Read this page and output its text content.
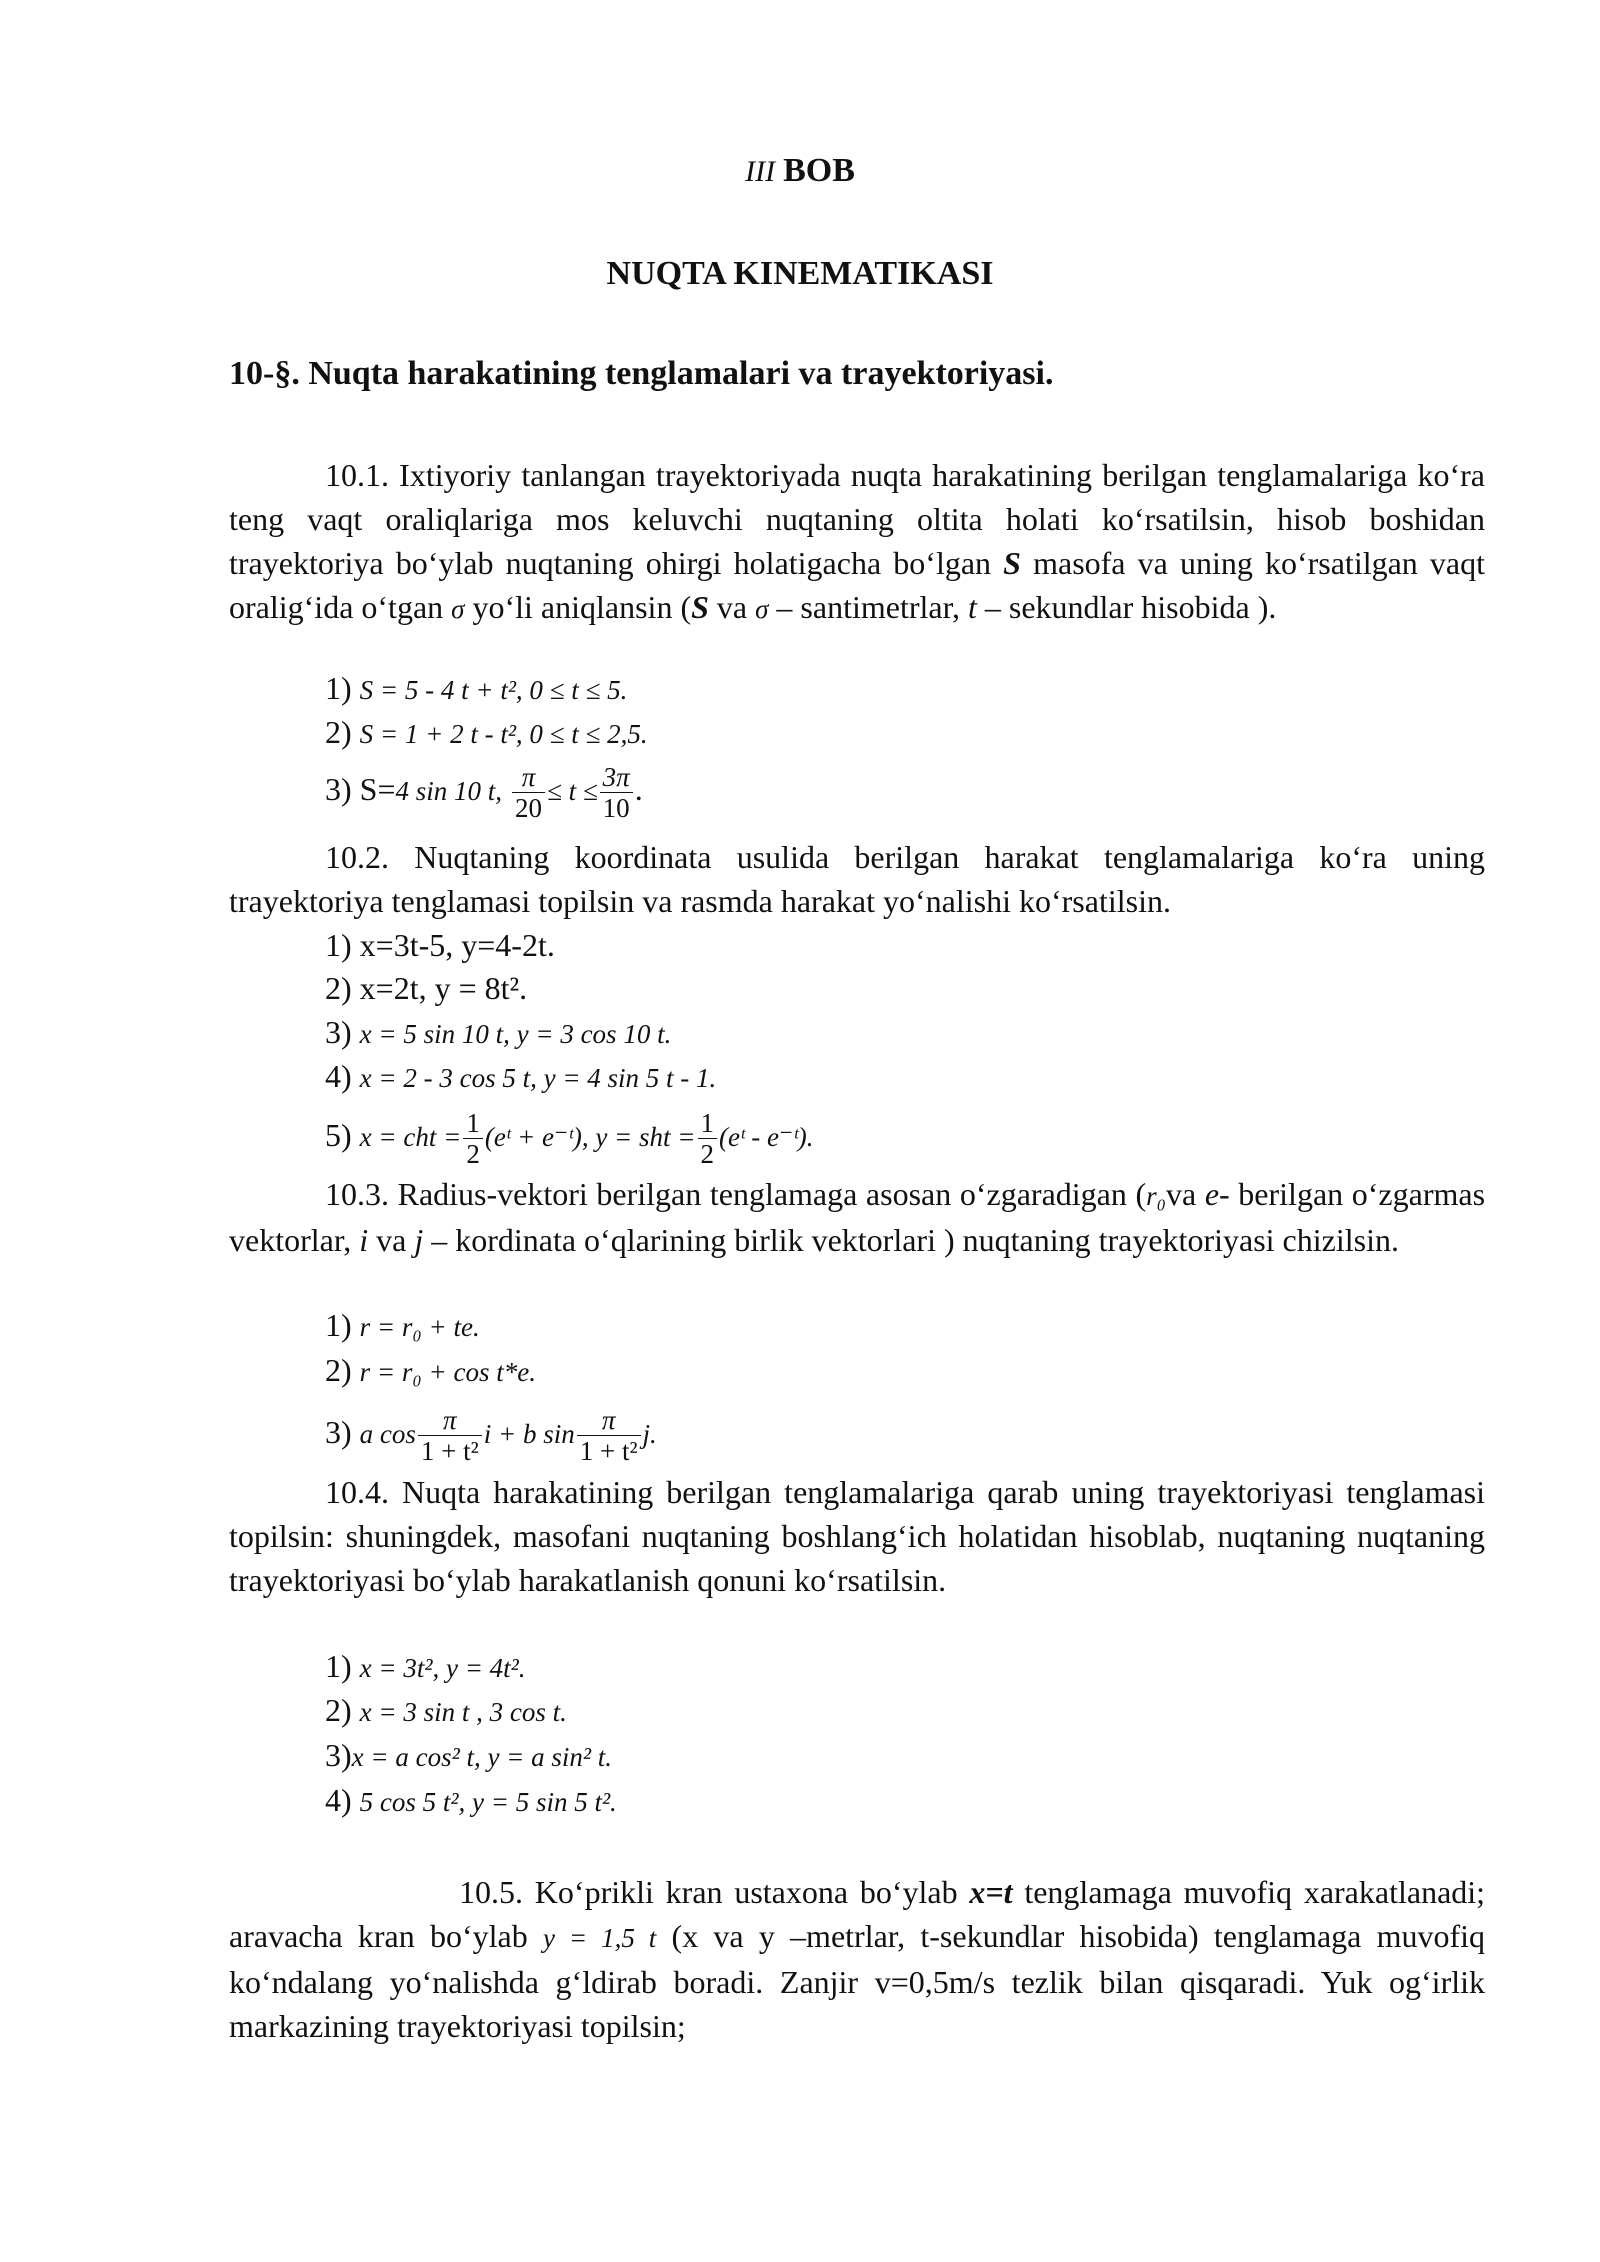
III BOB
NUQTA KINEMATIKASI
10-§. Nuqta harakatining tenglamalari va trayektoriyasi.

10.1. Ixtiyoriy tanlangan trayektoriyada nuqta harakatining berilgan tenglamalariga ko‘ra teng vaqt oraliqlariga mos keluvchi nuqtaning oltita holati ko‘rsatilsin, hisob boshidan trayektoriya bo‘ylab nuqtaning ohirgi holatigacha bo‘lgan S masofa va uning ko‘rsatilgan vaqt oralig‘ida o‘tgan σ yo‘li aniqlansin (S va σ – santimetrlar, t – sekundlar hisobida ).

1) S = 5 - 4 t + t², 0 ≤ t ≤ 5.
2) S = 1 + 2 t - t², 0 ≤ t ≤ 2,5.
3) S=4 sin 10 t, $\frac{\pi}{20} \le t \le \frac{3\pi}{10}$ .

10.2. Nuqtaning koordinata usulida berilgan harakat tenglamalariga ko‘ra uning trayektoriya tenglamasi topilsin va rasmda harakat yo‘nalishi ko‘rsatilsin.

1) x=3t-5, y=4-2t.
2) x=2t, y = 8t².
3) x = 5 sin 10 t, y = 3 cos 10 t.
4) x = 2 - 3 cos 5 t, y = 4 sin 5 t - 1.
5) x = cht = $\frac{1}{2}$ (eᵗ + e⁻ᵗ), y = sht = $\frac{1}{2}$ (eᵗ - e⁻ᵗ).

10.3. Radius-vektori berilgan tenglamaga asosan o‘zgaradigan (r₀va e- berilgan o‘zgarmas vektorlar, i va j – kordinata o‘qlarining birlik vektorlari ) nuqtaning trayektoriyasi chizilsin.

1) r = r₀ + te.
2) r = r₀ + cos t*e.
3) a $\cos \frac{\pi}{\text{1 + t²}}$ i + b $\sin \frac{\pi}{\text{1 + t²}} j$.

10.4. Nuqta harakatining berilgan tenglamalariga qarab uning trayektoriyasi tenglamasi topilsin: shuningdek, masofani nuqtaning boshlang‘ich holatidan hisoblab, nuqtaning nuqtaning trayektoriyasi bo‘ylab harakatlanish qonuni ko‘rsatilsin.

1) x = 3t², y = 4t².
2) x = 3 sin t , 3 cos t.
3)x = a cos² t, y = a sin² t.
4) 5 cos 5 t², y = 5 sin 5 t².

10.5. Ko‘prikli kran ustaxona bo‘ylab x=t tenglamaga muvofiq xarakatlanadi; aravacha kran bo‘ylab y = 1,5 t (x va y –metrlar, t-sekundlar hisobida) tenglamaga muvofiq ko‘ndalang yo‘nalishda g‘ldirab boradi. Zanjir v=0,5m/s tezlik bilan qisqaradi. Yuk og‘irlik markazining trayektoriyasi topilsin;
